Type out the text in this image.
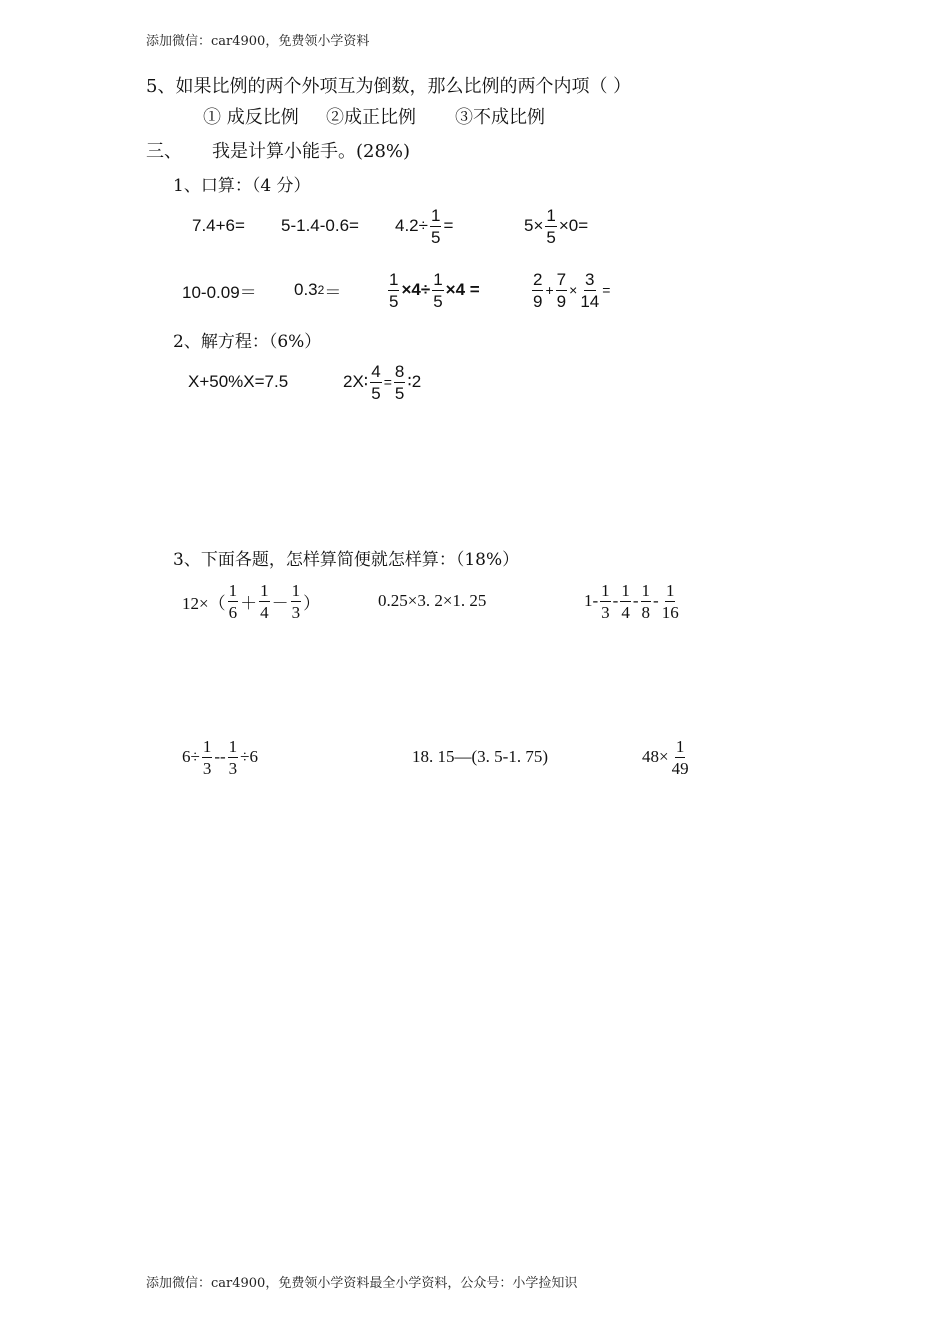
添加微信：car4900，免费领小学资料
5、如果比例的两个外项互为倒数，那么比例的两个内项（ ）
① 成反比例 ②成正比例 ③不成比例
三、 我是计算小能手。(28%)
1、口算：（4 分）
$7.4+6= 5-1.4-0.6= 4.2\div \frac{1}{5}$ =	$5\times \frac{1}{5} \times 0=$
10-0.09＝ 0.3 2 ＝	$\frac{1}{5} \times 4\div \frac{1}{5} \times 4$ =	$\frac{2}{9} + \frac{7}{9} \times \frac{3}{14}$ =
2、解方程：（6%）
X+50%X=7.5	2X∶ $\frac{4}{5} = \frac{8}{5}$ ∶2
3、下面各题，怎样算简便就怎样算：（18%）
$12\times( \frac{1}{6} + \frac{1}{4} - \frac{1}{3}$ ）	0.25×3. 2×1. 25	$1- \frac{1}{3} - \frac{1}{4} - \frac{1}{8} - \frac{1}{16}$
$6\div \frac{1}{3} -- \frac{1}{3} \div 6$	18. 15—(3. 5-1. 75)	$48\times \frac{1}{49}$
添加微信：car4900，免费领小学资料最全小学资料，公众号：小学捡知识
